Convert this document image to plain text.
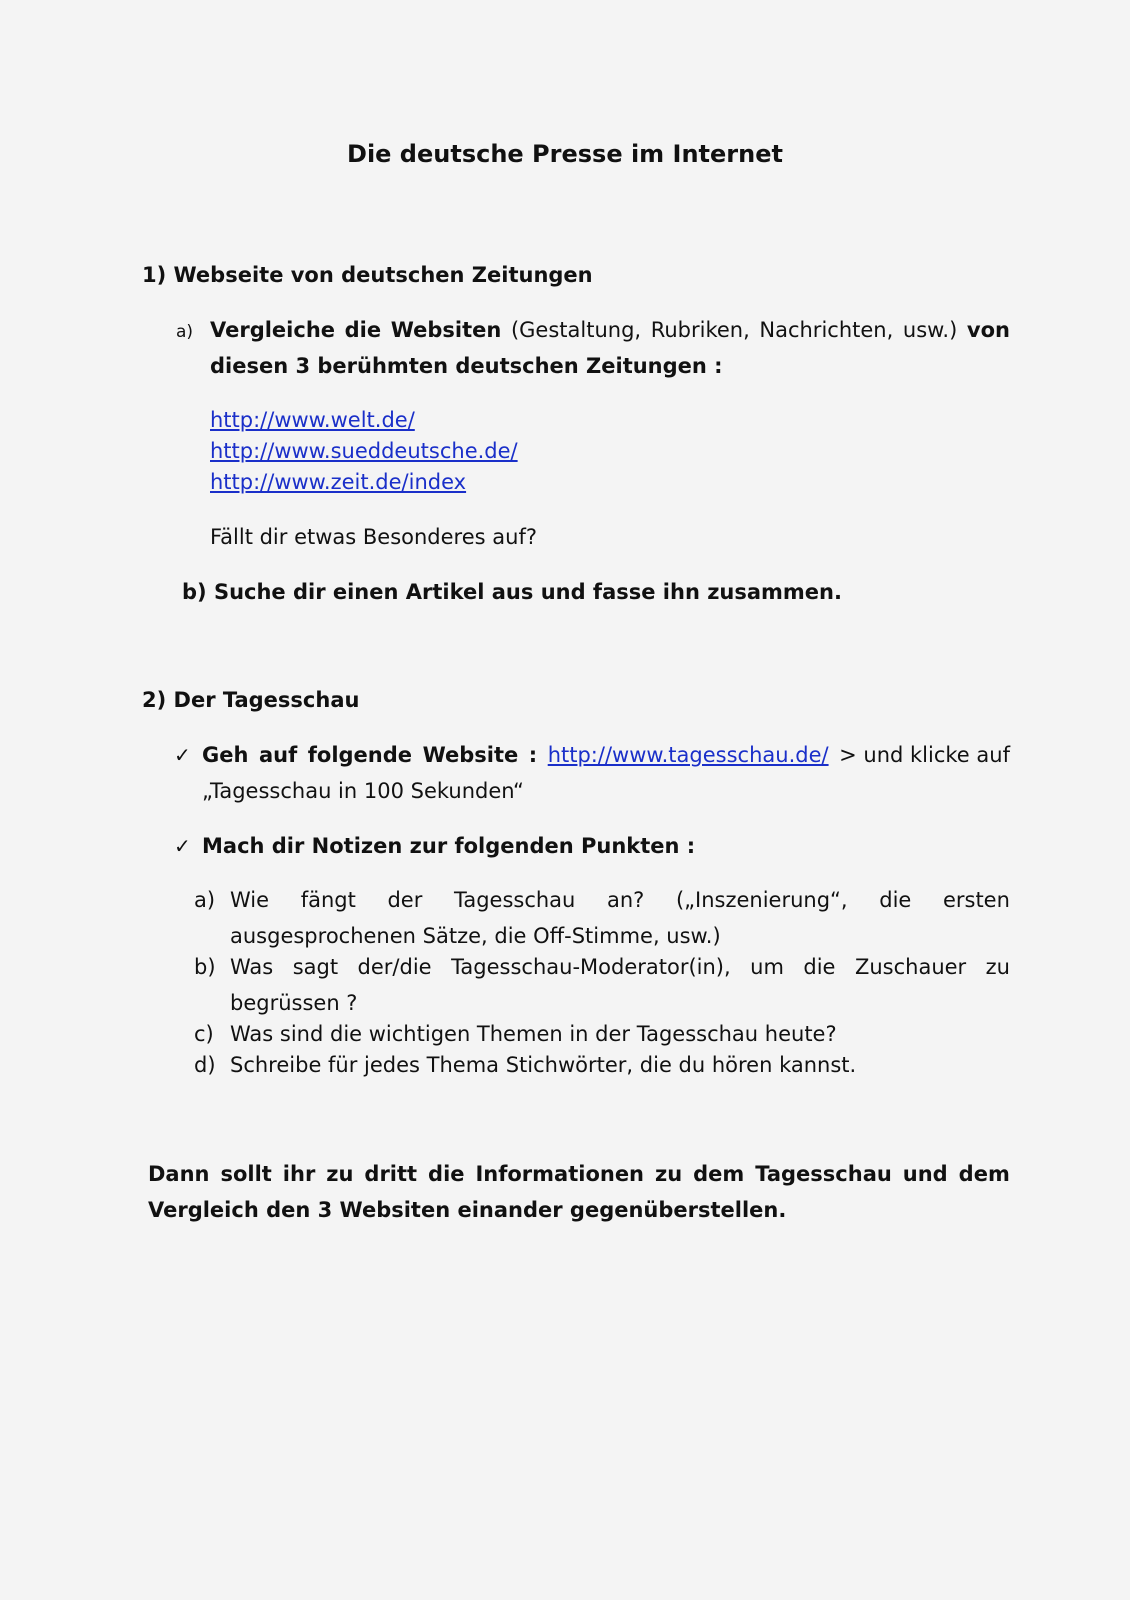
Die deutsche Presse im Internet
1) Webseite von deutschen Zeitungen
a) Vergleiche die Websiten (Gestaltung, Rubriken, Nachrichten, usw.) von
diesen 3 berühmten deutschen Zeitungen :
http://www.welt.de/
http://www.sueddeutsche.de/
http://www.zeit.de/index
Fällt dir etwas Besonderes auf?
b) Suche dir einen Artikel aus und fasse ihn zusammen.
2) Der Tagesschau
✓ Geh auf folgende Website : http://www.tagesschau.de/ > und klicke auf
„Tagesschau in 100 Sekunden“
✓ Mach dir Notizen zur folgenden Punkten :
a) Wie fängt der Tagesschau an? („Inszenierung“, die ersten
ausgesprochenen Sätze, die Off-Stimme, usw.)
b) Was sagt der/die Tagesschau-Moderator(in), um die Zuschauer zu
begrüssen ?
c) Was sind die wichtigen Themen in der Tagesschau heute?
d) Schreibe für jedes Thema Stichwörter, die du hören kannst.
Dann sollt ihr zu dritt die Informationen zu dem Tagesschau und dem
Vergleich den 3 Websiten einander gegenüberstellen.
